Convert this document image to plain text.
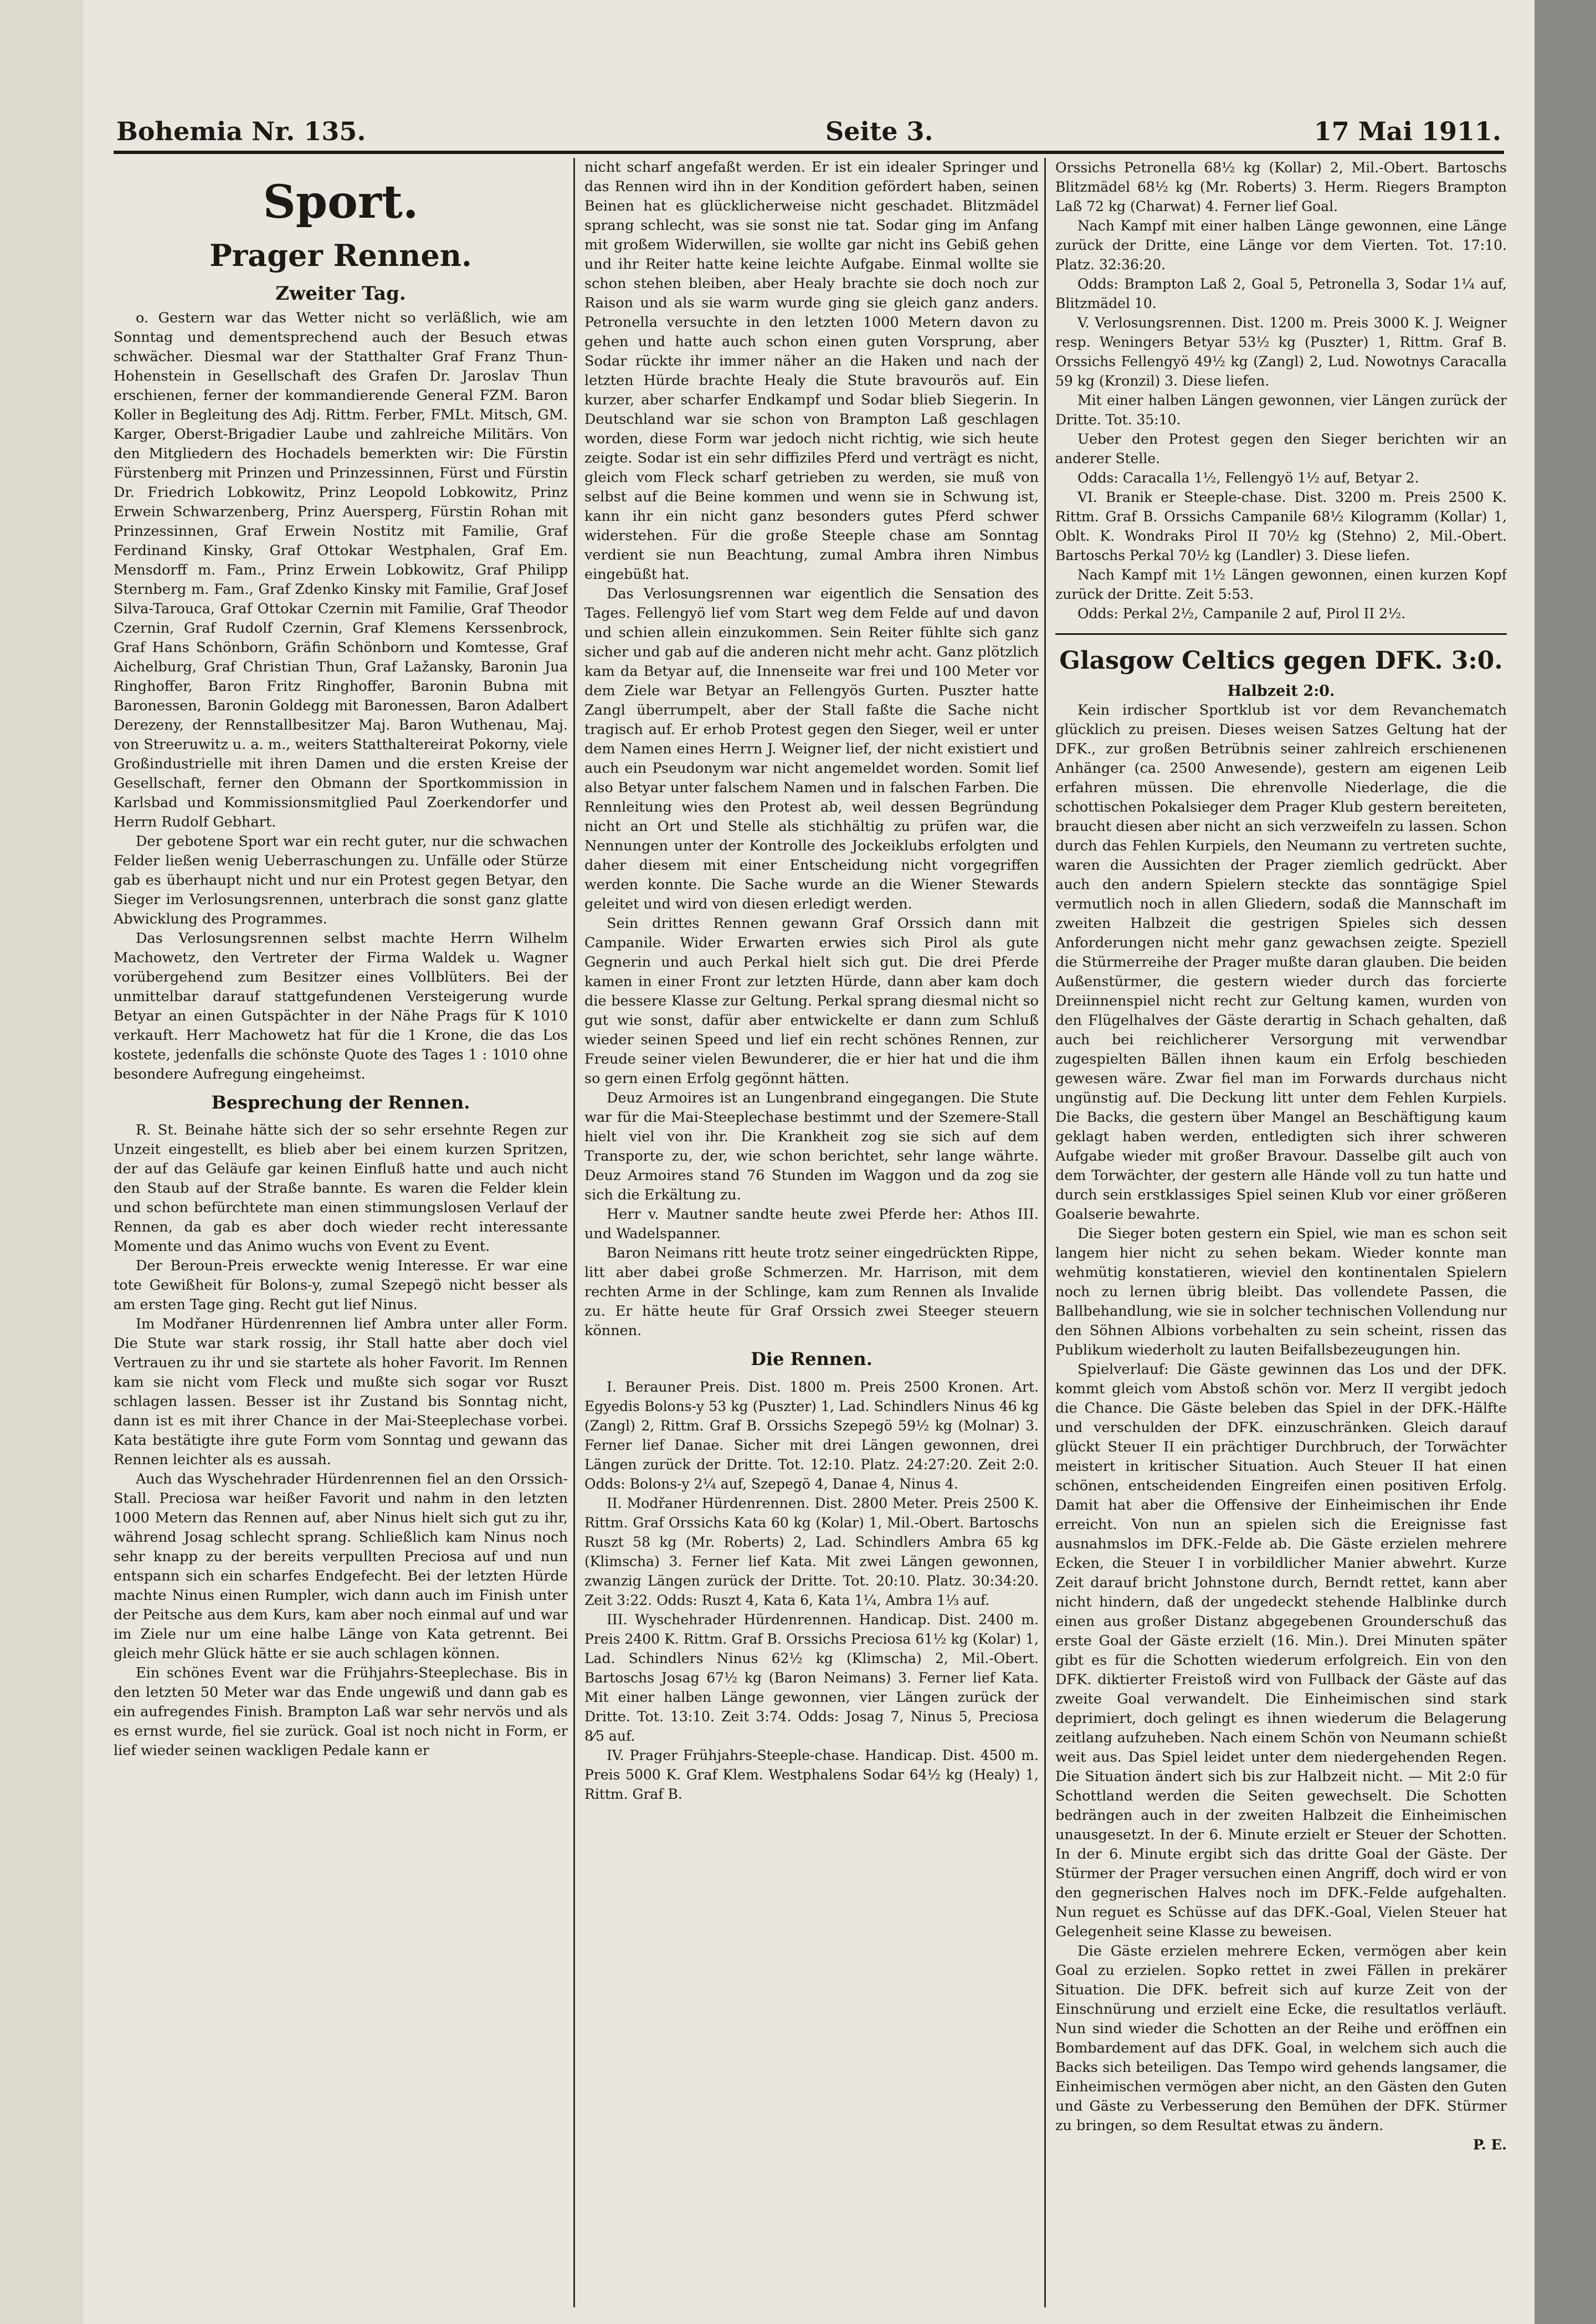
Bohemia Nr. 135.	Seite 3.	17 Mai 1911.
Sport.
Prager Rennen.
Zweiter Tag.

o. Gestern war das Wetter nicht so verläßlich, wie am Sonntag und dementsprechend auch der Besuch etwas schwächer. Diesmal war der Statthalter Graf Franz Thun-Hohenstein in Gesellschaft des Grafen Dr. Jaroslav Thun erschienen, ferner der kommandierende General FZM. Baron Koller in Begleitung des Adj. Rittm. Ferber, FMLt. Mitsch, GM. Karger, Oberst-Brigadier Laube und zahlreiche Militärs. Von den Mitgliedern des Hochadels bemerkten wir: Die Fürstin Fürstenberg mit Prinzen und Prinzessinnen, Fürst und Fürstin Dr. Friedrich Lobkowitz, Prinz Leopold Lobkowitz, Prinz Erwein Schwarzenberg, Prinz Auersperg, Fürstin Rohan mit Prinzessinnen, Graf Erwein Nostitz mit Familie, Graf Ferdinand Kinsky, Graf Ottokar Westphalen, Graf Em. Mensdorff m. Fam., Prinz Erwein Lobkowitz, Graf Philipp Sternberg m. Fam., Graf Zdenko Kinsky mit Familie, Graf Josef Silva-Tarouca, Graf Ottokar Czernin mit Familie, Graf Theodor Czernin, Graf Rudolf Czernin, Graf Klemens Kerssenbrock, Graf Hans Schönborn, Gräfin Schönborn und Komtesse, Graf Aichelburg, Graf Christian Thun, Graf Lažansky, Baronin Jua Ringhoffer, Baron Fritz Ringhoffer, Baronin Bubna mit Baronessen, Baronin Goldegg mit Baronessen, Baron Adalbert Derezeny, der Rennstallbesitzer Maj. Baron Wuthenau, Maj. von Streeruwitz u. a. m., weiters Statthaltereirat Pokorny, viele Großindustrielle mit ihren Damen und die ersten Kreise der Gesellschaft, ferner den Obmann der Sportkommission in Karlsbad und Kommissionsmitglied Paul Zoerkendorfer und Herrn Rudolf Gebhart.

Der gebotene Sport war ein recht guter, nur die schwachen Felder ließen wenig Ueberraschungen zu. Unfälle oder Stürze gab es überhaupt nicht und nur ein Protest gegen Betyar, den Sieger im Verlosungsrennen, unterbrach die sonst ganz glatte Abwicklung des Programmes.

Das Verlosungsrennen selbst machte Herrn Wilhelm Machowetz, den Vertreter der Firma Waldek u. Wagner vorübergehend zum Besitzer eines Vollblüters. Bei der unmittelbar darauf stattgefundenen Versteigerung wurde Betyar an einen Gutspächter in der Nähe Prags für K 1010 verkauft. Herr Machowetz hat für die 1 Krone, die das Los kostete, jedenfalls die schönste Quote des Tages 1 : 1010 ohne besondere Aufregung eingeheimst.

Besprechung der Rennen.

R. St. Beinahe hätte sich der so sehr ersehnte Regen zur Unzeit eingestellt, es blieb aber bei einem kurzen Spritzen, der auf das Geläufe gar keinen Einfluß hatte und auch nicht den Staub auf der Straße bannte. Es waren die Felder klein und schon befürchtete man einen stimmungslosen Verlauf der Rennen, da gab es aber doch wieder recht interessante Momente und das Animo wuchs von Event zu Event.

Der Beroun-Preis erweckte wenig Interesse. Er war eine tote Gewißheit für Bolons-y, zumal Szepegö nicht besser als am ersten Tage ging. Recht gut lief Ninus.

Im Modřaner Hürdenrennen lief Ambra unter aller Form. Die Stute war stark rossig, ihr Stall hatte aber doch viel Vertrauen zu ihr und sie startete als hoher Favorit. Im Rennen kam sie nicht vom Fleck und mußte sich sogar vor Ruszt schlagen lassen. Besser ist ihr Zustand bis Sonntag nicht, dann ist es mit ihrer Chance in der Mai-Steeplechase vorbei. Kata bestätigte ihre gute Form vom Sonntag und gewann das Rennen leichter als es aussah.

Auch das Wyschehrader Hürdenrennen fiel an den Orssich-Stall. Preciosa war heißer Favorit und nahm in den letzten 1000 Metern das Rennen auf, aber Ninus hielt sich gut zu ihr, während Josag schlecht sprang. Schließlich kam Ninus noch sehr knapp zu der bereits verpullten Preciosa auf und nun entspann sich ein scharfes Endgefecht. Bei der letzten Hürde machte Ninus einen Rumpler, wich dann auch im Finish unter der Peitsche aus dem Kurs, kam aber noch einmal auf und war im Ziele nur um eine halbe Länge von Kata getrennt. Bei gleich mehr Glück hätte er sie auch schlagen können.

Ein schönes Event war die Frühjahrs-Steeplechase. Bis in den letzten 50 Meter war das Ende ungewiß und dann gab es ein aufregendes Finish. Brampton Laß war sehr nervös und als es ernst wurde, fiel sie zurück. Goal ist noch nicht in Form, er lief wieder seinen wackligen Pedale kann er

nicht scharf angefaßt werden. Er ist ein idealer Springer und das Rennen wird ihn in der Kondition gefördert haben, seinen Beinen hat es glücklicherweise nicht geschadet. Blitzmädel sprang schlecht, was sie sonst nie tat. Sodar ging im Anfang mit großem Widerwillen, sie wollte gar nicht ins Gebiß gehen und ihr Reiter hatte keine leichte Aufgabe. Einmal wollte sie schon stehen bleiben, aber Healy brachte sie doch noch zur Raison und als sie warm wurde ging sie gleich ganz anders. Petronella versuchte in den letzten 1000 Metern davon zu gehen und hatte auch schon einen guten Vorsprung, aber Sodar rückte ihr immer näher an die Haken und nach der letzten Hürde brachte Healy die Stute bravourös auf. Ein kurzer, aber scharfer Endkampf und Sodar blieb Siegerin. In Deutschland war sie schon von Brampton Laß geschlagen worden, diese Form war jedoch nicht richtig, wie sich heute zeigte. Sodar ist ein sehr diffiziles Pferd und verträgt es nicht, gleich vom Fleck scharf getrieben zu werden, sie muß von selbst auf die Beine kommen und wenn sie in Schwung ist, kann ihr ein nicht ganz besonders gutes Pferd schwer widerstehen. Für die große Steeple chase am Sonntag verdient sie nun Beachtung, zumal Ambra ihren Nimbus eingebüßt hat.

Das Verlosungsrennen war eigentlich die Sensation des Tages. Fellengyö lief vom Start weg dem Felde auf und davon und schien allein einzukommen. Sein Reiter fühlte sich ganz sicher und gab auf die anderen nicht mehr acht. Ganz plötzlich kam da Betyar auf, die Innenseite war frei und 100 Meter vor dem Ziele war Betyar an Fellengyös Gurten. Puszter hatte Zangl überrumpelt, aber der Stall faßte die Sache nicht tragisch auf. Er erhob Protest gegen den Sieger, weil er unter dem Namen eines Herrn J. Weigner lief, der nicht existiert und auch ein Pseudonym war nicht angemeldet worden. Somit lief also Betyar unter falschem Namen und in falschen Farben. Die Rennleitung wies den Protest ab, weil dessen Begründung nicht an Ort und Stelle als stichhältig zu prüfen war, die Nennungen unter der Kontrolle des Jockeiklubs erfolgten und daher diesem mit einer Entscheidung nicht vorgegriffen werden konnte. Die Sache wurde an die Wiener Stewards geleitet und wird von diesen erledigt werden.

Sein drittes Rennen gewann Graf Orssich dann mit Campanile. Wider Erwarten erwies sich Pirol als gute Gegnerin und auch Perkal hielt sich gut. Die drei Pferde kamen in einer Front zur letzten Hürde, dann aber kam doch die bessere Klasse zur Geltung. Perkal sprang diesmal nicht so gut wie sonst, dafür aber entwickelte er dann zum Schluß wieder seinen Speed und lief ein recht schönes Rennen, zur Freude seiner vielen Bewunderer, die er hier hat und die ihm so gern einen Erfolg gegönnt hätten.

Deuz Armoires ist an Lungenbrand eingegangen. Die Stute war für die Mai-Steeplechase bestimmt und der Szemere-Stall hielt viel von ihr. Die Krankheit zog sie sich auf dem Transporte zu, der, wie schon berichtet, sehr lange währte. Deuz Armoires stand 76 Stunden im Waggon und da zog sie sich die Erkältung zu.

Herr v. Mautner sandte heute zwei Pferde her: Athos III. und Wadelspanner.

Baron Neimans ritt heute trotz seiner eingedrückten Rippe, litt aber dabei große Schmerzen. Mr. Harrison, mit dem rechten Arme in der Schlinge, kam zum Rennen als Invalide zu. Er hätte heute für Graf Orssich zwei Steeger steuern können.

Die Rennen.

I. Berauner Preis. Dist. 1800 m. Preis 2500 Kronen. Art. Egyedis Bolons-y 53 kg (Puszter) 1, Lad. Schindlers Ninus 46 kg (Zangl) 2, Rittm. Graf B. Orssichs Szepegö 59½ kg (Molnar) 3. Ferner lief Danae. Sicher mit drei Längen gewonnen, drei Längen zurück der Dritte. Tot. 12:10. Platz. 24:27:20. Zeit 2:0. Odds: Bolons-y 2¼ auf, Szepegö 4, Danae 4, Ninus 4.

II. Modřaner Hürdenrennen. Dist. 2800 Meter. Preis 2500 K. Rittm. Graf Orssichs Kata 60 kg (Kolar) 1, Mil.-Obert. Bartoschs Ruszt 58 kg (Mr. Roberts) 2, Lad. Schindlers Ambra 65 kg (Klimscha) 3. Ferner lief Kata. Mit zwei Längen gewonnen, zwanzig Längen zurück der Dritte. Tot. 20:10. Platz. 30:34:20. Zeit 3:22. Odds: Ruszt 4, Kata 6, Kata 1¼, Ambra 1⅓ auf.

III. Wyschehrader Hürdenrennen. Handicap. Dist. 2400 m. Preis 2400 K. Rittm. Graf B. Orssichs Preciosa 61½ kg (Kolar) 1, Lad. Schindlers Ninus 62½ kg (Klimscha) 2, Mil.-Obert. Bartoschs Josag 67½ kg (Baron Neimans) 3. Ferner lief Kata. Mit einer halben Länge gewonnen, vier Längen zurück der Dritte. Tot. 13:10. Zeit 3:74. Odds: Josag 7, Ninus 5, Preciosa 8⁄5 auf.

IV. Prager Frühjahrs-Steeple-chase. Handicap. Dist. 4500 m. Preis 5000 K. Graf Klem. Westphalens Sodar 64½ kg (Healy) 1, Rittm. Graf B.

Orssichs Petronella 68½ kg (Kollar) 2, Mil.-Obert. Bartoschs Blitzmädel 68½ kg (Mr. Roberts) 3. Herm. Riegers Brampton Laß 72 kg (Charwat) 4. Ferner lief Goal.

Nach Kampf mit einer halben Länge gewonnen, eine Länge zurück der Dritte, eine Länge vor dem Vierten. Tot. 17:10. Platz. 32:36:20.

Odds: Brampton Laß 2, Goal 5, Petronella 3, Sodar 1¼ auf, Blitzmädel 10.

V. Verlosungsrennen. Dist. 1200 m. Preis 3000 K. J. Weigner resp. Weningers Betyar 53½ kg (Puszter) 1, Rittm. Graf B. Orssichs Fellengyö 49½ kg (Zangl) 2, Lud. Nowotnys Caracalla 59 kg (Kronzil) 3. Diese liefen.

Mit einer halben Längen gewonnen, vier Längen zurück der Dritte. Tot. 35:10.

Ueber den Protest gegen den Sieger berichten wir an anderer Stelle.

Odds: Caracalla 1½, Fellengyö 1½ auf, Betyar 2.

VI. Branik er Steeple-chase. Dist. 3200 m. Preis 2500 K. Rittm. Graf B. Orssichs Campanile 68½ Kilogramm (Kollar) 1, Oblt. K. Wondraks Pirol II 70½ kg (Stehno) 2, Mil.-Obert. Bartoschs Perkal 70½ kg (Landler) 3. Diese liefen.

Nach Kampf mit 1½ Längen gewonnen, einen kurzen Kopf zurück der Dritte. Zeit 5:53.

Odds: Perkal 2½, Campanile 2 auf, Pirol II 2½.

Glasgow Celtics gegen DFK. 3:0.
Halbzeit 2:0.

Kein irdischer Sportklub ist vor dem Revanchematch glücklich zu preisen. Dieses weisen Satzes Geltung hat der DFK., zur großen Betrübnis seiner zahlreich erschienenen Anhänger (ca. 2500 Anwesende), gestern am eigenen Leib erfahren müssen. Die ehrenvolle Niederlage, die die schottischen Pokalsieger dem Prager Klub gestern bereiteten, braucht diesen aber nicht an sich verzweifeln zu lassen. Schon durch das Fehlen Kurpiels, den Neumann zu vertreten suchte, waren die Aussichten der Prager ziemlich gedrückt. Aber auch den andern Spielern steckte das sonntägige Spiel vermutlich noch in allen Gliedern, sodaß die Mannschaft im zweiten Halbzeit die gestrigen Spieles sich dessen Anforderungen nicht mehr ganz gewachsen zeigte. Speziell die Stürmerreihe der Prager mußte daran glauben. Die beiden Außenstürmer, die gestern wieder durch das forcierte Dreiinnenspiel nicht recht zur Geltung kamen, wurden von den Flügelhalves der Gäste derartig in Schach gehalten, daß auch bei reichlicherer Versorgung mit verwendbar zugespielten Bällen ihnen kaum ein Erfolg beschieden gewesen wäre. Zwar fiel man im Forwards durchaus nicht ungünstig auf. Die Deckung litt unter dem Fehlen Kurpiels. Die Backs, die gestern über Mangel an Beschäftigung kaum geklagt haben werden, entledigten sich ihrer schweren Aufgabe wieder mit großer Bravour. Dasselbe gilt auch von dem Torwächter, der gestern alle Hände voll zu tun hatte und durch sein erstklassiges Spiel seinen Klub vor einer größeren Goalserie bewahrte.

Die Sieger boten gestern ein Spiel, wie man es schon seit langem hier nicht zu sehen bekam. Wieder konnte man wehmütig konstatieren, wieviel den kontinentalen Spielern noch zu lernen übrig bleibt. Das vollendete Passen, die Ballbehandlung, wie sie in solcher technischen Vollendung nur den Söhnen Albions vorbehalten zu sein scheint, rissen das Publikum wiederholt zu lauten Beifallsbezeugungen hin.

Spielverlauf: Die Gäste gewinnen das Los und der DFK. kommt gleich vom Abstoß schön vor. Merz II vergibt jedoch die Chance. Die Gäste beleben das Spiel in der DFK.-Hälfte und verschulden der DFK. einzuschränken. Gleich darauf glückt Steuer II ein prächtiger Durchbruch, der Torwächter meistert in kritischer Situation. Auch Steuer II hat einen schönen, entscheidenden Eingreifen einen positiven Erfolg. Damit hat aber die Offensive der Einheimischen ihr Ende erreicht. Von nun an spielen sich die Ereignisse fast ausnahmslos im DFK.-Felde ab. Die Gäste erzielen mehrere Ecken, die Steuer I in vorbildlicher Manier abwehrt. Kurze Zeit darauf bricht Johnstone durch, Berndt rettet, kann aber nicht hindern, daß der ungedeckt stehende Halblinke durch einen aus großer Distanz abgegebenen Grounderschuß das erste Goal der Gäste erzielt (16. Min.). Drei Minuten später gibt es für die Schotten wiederum erfolgreich. Ein von den DFK. diktierter Freistoß wird von Fullback der Gäste auf das zweite Goal verwandelt. Die Einheimischen sind stark deprimiert, doch gelingt es ihnen wiederum die Belagerung zeitlang aufzuheben. Nach einem Schön von Neumann schießt weit aus. Das Spiel leidet unter dem niedergehenden Regen. Die Situation ändert sich bis zur Halbzeit nicht. — Mit 2:0 für Schottland werden die Seiten gewechselt. Die Schotten bedrängen auch in der zweiten Halbzeit die Einheimischen unausgesetzt. In der 6. Minute erzielt er Steuer der Schotten. In der 6. Minute ergibt sich das dritte Goal der Gäste. Der Stürmer der Prager versuchen einen Angriff, doch wird er von den gegnerischen Halves noch im DFK.-Felde aufgehalten. Nun reguet es Schüsse auf das DFK.-Goal, Vielen Steuer hat Gelegenheit seine Klasse zu beweisen.

Die Gäste erzielen mehrere Ecken, vermögen aber kein Goal zu erzielen. Sopko rettet in zwei Fällen in prekärer Situation. Die DFK. befreit sich auf kurze Zeit von der Einschnürung und erzielt eine Ecke, die resultatlos verläuft. Nun sind wieder die Schotten an der Reihe und eröffnen ein Bombardement auf das DFK. Goal, in welchem sich auch die Backs sich beteiligen. Das Tempo wird gehends langsamer, die Einheimischen vermögen aber nicht, an den Gästen den Guten und Gäste zu Verbesserung den Bemühen der DFK. Stürmer zu bringen, so dem Resultat etwas zu ändern.

P. E.
